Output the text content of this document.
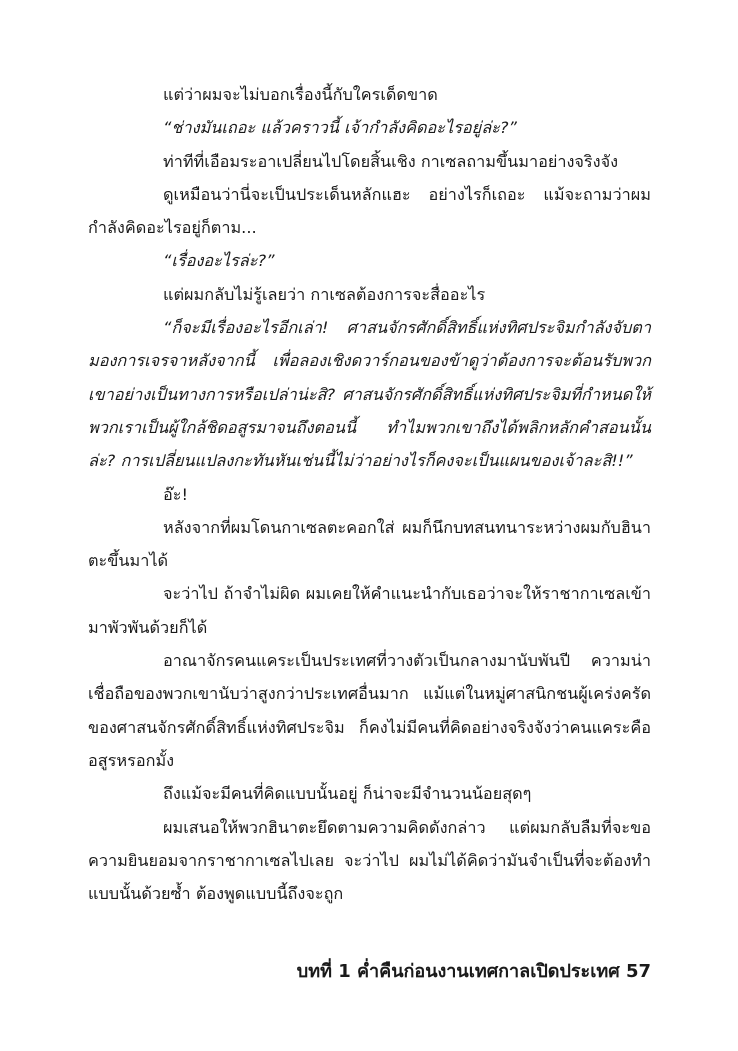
แต่ว่าผมจะไม่บอกเรื่องนี้กับใครเด็ดขาด

“ช่างมันเถอะ แล้วคราวนี้ เจ้ากำลังคิดอะไรอยู่ล่ะ?”

ท่าทีที่เอือมระอาเปลี่ยนไปโดยสิ้นเชิง กาเซลถามขึ้นมาอย่างจริงจัง

ดูเหมือนว่านี่จะเป็นประเด็นหลักแฮะ อย่างไรก็เถอะ แม้จะถามว่าผมกำลังคิดอะไรอยู่ก็ตาม...

“เรื่องอะไรล่ะ?”

แต่ผมกลับไม่รู้เลยว่า กาเซลต้องการจะสื่ออะไร

“ก็จะมีเรื่องอะไรอีกเล่า! ศาสนจักรศักดิ์สิทธิ์แห่งทิศประจิมกำลังจับตามองการเจรจาหลังจากนี้ เพื่อลองเชิงดวาร์กอนของข้าดูว่าต้องการจะต้อนรับพวกเขาอย่างเป็นทางการหรือเปล่าน่ะสิ? ศาสนจักรศักดิ์สิทธิ์แห่งทิศประจิมที่กำหนดให้พวกเราเป็นผู้ใกล้ชิดอสูรมาจนถึงตอนนี้ ทำไมพวกเขาถึงได้พลิกหลักคำสอนนั้นล่ะ? การเปลี่ยนแปลงกะทันหันเช่นนี้ไม่ว่าอย่างไรก็คงจะเป็นแผนของเจ้าละสิ!!”

อ๊ะ!

หลังจากที่ผมโดนกาเซลตะคอกใส่ ผมก็นึกบทสนทนาระหว่างผมกับฮินาตะขึ้นมาได้

จะว่าไป ถ้าจำไม่ผิด ผมเคยให้คำแนะนำกับเธอว่าจะให้ราชากาเซลเข้ามาพัวพันด้วยก็ได้

อาณาจักรคนแคระเป็นประเทศที่วางตัวเป็นกลางมานับพันปี ความน่าเชื่อถือของพวกเขานับว่าสูงกว่าประเทศอื่นมาก แม้แต่ในหมู่ศาสนิกชนผู้เคร่งครัดของศาสนจักรศักดิ์สิทธิ์แห่งทิศประจิม ก็คงไม่มีคนที่คิดอย่างจริงจังว่าคนแคระคืออสูรหรอกมั้ง

ถึงแม้จะมีคนที่คิดแบบนั้นอยู่ ก็น่าจะมีจำนวนน้อยสุดๆ

ผมเสนอให้พวกฮินาตะยึดตามความคิดดังกล่าว แต่ผมกลับลืมที่จะขอความยินยอมจากราชากาเซลไปเลย จะว่าไป ผมไม่ได้คิดว่ามันจำเป็นที่จะต้องทำแบบนั้นด้วยซ้ำ ต้องพูดแบบนี้ถึงจะถูก

บทที่ 1 ค่ำคืนก่อนงานเทศกาลเปิดประเทศ 57
